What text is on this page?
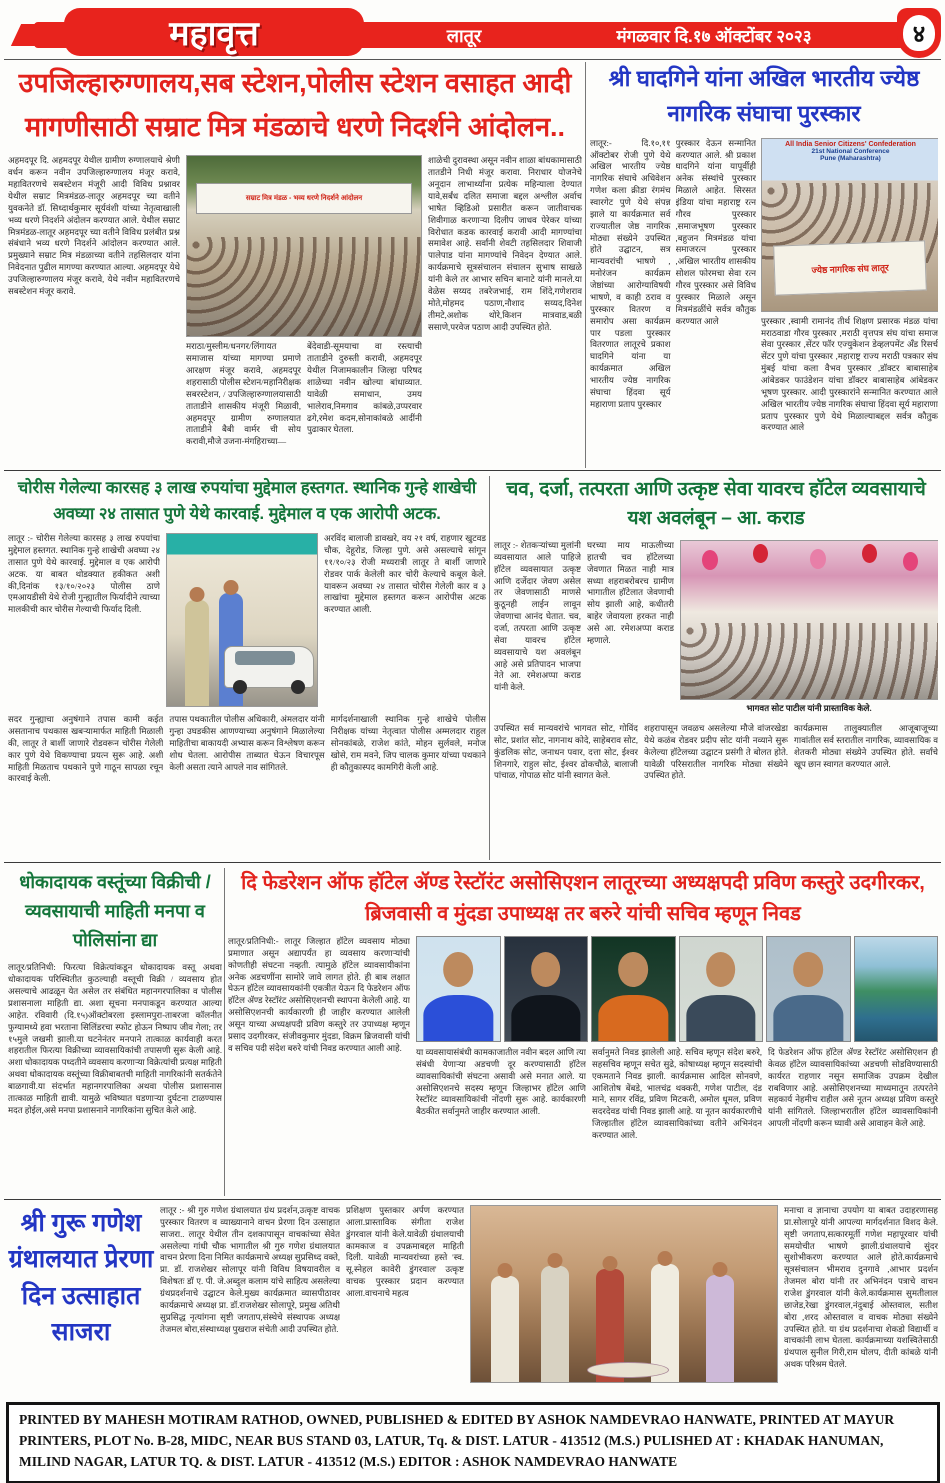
महावृत्त	लातूर	मंगळवार दि.१७ ऑक्टोंबर २०२३	४
उपजिल्हारुग्णालय,सब स्टेशन,पोलीस स्टेशन वसाहत आदी मागणीसाठी सम्राट मित्र मंडळाचे धरणे निदर्शने आंदोलन..
अहमदपूर दि. अहमदपूर येथील ग्रामीण रुग्णालयाचे श्रेणी वर्धन करून नवीन उपजिल्हारुग्णालय मंजूर करावे, महावितरणचे सबस्टेशन मंजूरी आदी विविध प्रश्नावर येथील सम्राट मित्रमंडळ-लातूर अहमदपूर च्या वतीने युवकनेते डॉ. सिध्दार्थकुमार सूर्यवंशी यांच्या नेतृत्वाखाली भव्य धरणे निदर्शने अंदोलन करण्यात आले. येथील सम्राट मित्रमंडळ-लातूर अहमदपूर च्या वतीने विविध प्रलंबीत प्रश्न संबंधाने भव्य धरणे निदर्शने आंदोलन करण्यात आले. प्रमुख्याने सम्राट मित्र मंडळाच्या वतीने तहसिलदार यांना निवेदनात पुढील मागण्या करण्यात आल्या. अहमदपूर येथे उपजिल्हारुग्णालय मंजूर करावे, येथे नवीन महावितरणचे सबस्टेशन मंजूर करावे.
सम्राट मित्र मंडळ - भव्य धरणे निदर्शने आंदोलन
मराठा/मुस्लीम/धनगर/लिंगायत समाजास यांच्या मागण्या प्रमाणे आरक्षण मंजूर करावे, अहमदपूर शहरासाठी पोलीस स्टेशन/महानिरीक्षक सबरस्टेशन, / उपजिल्हारुग्णालयासाठी ताताडीने शासकीय मंजूरी मिळावी, अहमदपूर ग्रामीण रुग्णालयात ताताडीने बैबी वार्मर ची सोय करावी,मौजे उजना-मंगहिराच्या—
बेंदेवाडी-सूमयाचा वा रस्त्याची ताताडीने दुरुस्ती करावी, अहमदपूर येथील निजामकालीन जिल्हा परिषद शाळेच्या नवीन खोल्या बांधाव्यात. यावेळी समाधान, उमय भालेराव,निमगाव कांबळे,उप्परवार ढगे,रमेश कदम,सोनाकांबळे आदींनी पुढाकार घेतला.
शाळेची दुरावस्था असून नवीन शाळा बांधकामासाठी तातडीने निधी मंजूर करावा. निराधार योजनेचे अनूदान लाभार्थ्यांना प्रत्येक महिन्याला देण्यात यावे,सर्बंध दलित समाजा बद्दल अश्लील अर्वाच भाषेत व्हिडिओ प्रसारीत करून जातीवाचक शिवीगाळ करणाऱ्या दिलीप जाधव पेरेकर यांच्या विरोधात कडक कारवाई करावी आदी मागण्यांचा समावेश आहे. सर्वांनी शेवटी तहसिलदार शिवाजी पालेपाड यांना मागण्यांचे निवेदन देण्यात आले. कार्यक्रमाचे सूत्रसंचालन संचालन सुभाष साखळे यांनी केले तर आभार सचिन बानाटे यांनी मानले.या वेळेस सय्यद तबरेजभाई, राम शिंदे,गणेशराव मोते,मोहमद पठाण,नौशाद सय्यद,दिनेश तीमटे,अशोक थोरे,किशन मात्रवाड,बळी ससाणे,परवेज पठाण आदी उपस्थित होते.
श्री घादगिने यांना अखिल भारतीय ज्येष्ठ नागरिक संघाचा पुरस्कार
लातूर:- दि.१०,११ ऑक्टोबर रोजी पुणे येथे अखिल भारतीय ज्येष्ठ नागरिक संघाचे अधिवेशन गणेश कला क्रीडा रंगमंच स्वारगेट पुणे येथे संपन्न झाले या कार्यक्रमात सर्व राज्यातील जेष्ठ नागरिक मोठ्या संख्येने उपस्थित होते उद्घाटन, सत्र मान्यवरांची भाषणे , मनोरंजन कार्यक्रम जेष्ठांच्या आरोग्याविषयी भाषणे, व काही ठराव व पुरस्कार वितरण व समारोप असा कार्यक्रम पार पडला पुरस्कार वितरणात लातूरचे प्रकाश घादगिने यांना या कार्यक्रमात अखिल भारतीय ज्येष्ठ नागरिक संघाचा हिंदवा सूर्य महाराणा प्रताप पुरस्कार
पुरस्कार देऊन सन्मानित करण्यात आले. श्री प्रकाश घादगिने यांना यापूर्वीही अनेक संस्थांचे पुरस्कार मिळाले आहेत. सिरसत इंडिया यांचा महाराष्ट्र रत्न गौरव पुरस्कार ,समाजभूषण पुरस्कार ,बहुजन मित्रमंडळ यांचा समाजरत्न पुरस्कार ,अखिल भारतीय शासकीय सोशल फोरमचा सेवा रत्न गौरव पुरस्कार असे विविध पुरस्कार मिळाले असून मित्रमंडळींचे सर्वत्र कौतुक करण्यात आले
All India Senior Citizens' Confederation
21st National Conference
Pune (Maharashtra)
ज्येष्ठ नागरिक संघ लातूर
पुरस्कार ,स्वामी रामानंद तीर्थ शिक्षण प्रसारक मंडळ यांचा मराठवाडा गौरव पुरस्कार ,मराठी वृत्तपत्र संघ यांचा समाज सेवा पुरस्कार ,सेंटर फॉर एज्युकेशन डेव्हलपमेंट अँड रिसर्च सेंटर पुणे यांचा पुरस्कार ,महाराष्ट्र राज्य मराठी पत्रकार संघ मुंबई यांचा कला वैभव पुरस्कार ,डॉक्टर बाबासाहेब आंबेडकर फाउंडेशन यांचा डॉक्टर बाबासाहेब आंबेडकर भूषण पुरस्कार. आदी पुरस्कारांने सन्मानित करण्यात आले अखिल भारतीय ज्येष्ठ नागरिक संघाचा हिंदवा सूर्य महाराणा प्रताप पुरस्कार पुणे येथे मिळाल्याबद्दल सर्वत्र कौतुक करण्यात आले
चोरीस गेलेल्या कारसह ३ लाख रुपयांचा मुद्देमाल हस्तगत. स्थानिक गुन्हे शाखेची अवघ्या २४ तासात पुणे येथे कारवाई. मुद्देमाल व एक आरोपी अटक.
लातूर :- चोरीस गेलेल्या कारसह ३ लाख रुपयांचा मुद्देमाल हस्तगत. स्थानिक गुन्हे शाखेची अवघ्या २४ तासात पुणे येथे कारवाई. मुद्देमाल व एक आरोपी अटक. या बाबत थोडक्यात हकीकत अशी की,दिनांक १३/१०/२०२३ पोलीस ठाणे एमआयडीसी येथे रोजी गुन्ह्यातील फिर्यादीने त्याच्या मालकीची कार चोरीस गेल्याची फिर्याद दिली.
अरविंद बालाजी डावखरे, वय २१ वर्ष, राहणार खुटवड चौक, देहूरोड, जिल्हा पुणे. असे असल्याचे सांगून ११/१०/२३ रोजी मध्यरात्री लातूर ते बार्शी जाणारे रोडवर पार्क केलेली कार चोरी केल्याचे कबूल केले. यावरून अवघ्या २४ तासात चोरीस गेलेली कार व ३ लाखांचा मुद्देमाल हस्तगत करून आरोपीस अटक करण्यात आली.
सदर गुन्ह्याचा अनुषंगाने तपास कामी कईत असतानाच पथकास खबऱ्यामार्फत माहिती मिळाली की, लातूर ते बार्शी जाणारे रोडवरून चोरीस गेलेली कार पुणे येथे विकण्याचा प्रयत्न सुरू आहे. अशी माहिती मिळताच पथकाने पुणे गाठून सापळा रचून कारवाई केली.
तपास पथकातील पोलीस अधिकारी, अंमलदार यांनी गुन्हा उघडकीस आणण्याच्या अनुषंगाने मिळालेल्या माहितीचा बाकायदी अभ्यास करून विश्लेषण करून शोध घेतला. आरोपीस ताब्यात घेऊन विचारपूस केली असता त्याने आपले नाव सांगितले.
मार्गदर्शनाखाली स्थानिक गुन्हे शाखेचे पोलीस निरीक्षक यांच्या नेतृत्वात पोलीस अम्मलदार राहुल सोनकांबळे, राजेश कांते, मोहन सुर्लवले, मनोज खोसे, राम मवने, जिप चालक कुमार यांच्या पथकाने ही कौतुकास्पद कामगिरी केली आहे.
चव, दर्जा, तत्परता आणि उत्कृष्ट सेवा यावरच हॉटेल व्यवसायाचे यश अवलंबून – आ. कराड
लातूर :- शेतकऱ्यांच्या मुलांनी व्यवसायात आले पाहिजे हॉटेल व्यवसायात उत्कृष्ट आणि दर्जेदार जेवण असेल तर जेवणासाठी माणसे कुठूनही लाईन लावून जेवणाचा आनंद घेतात. चव, दर्जा, तत्परता आणि उत्कृष्ट सेवा यावरच हॉटेल व्यवसायाचे यश अवलंबून आहे असे प्रतिपादन भाजपा नेते आ. रमेशअप्पा कराड यांनी केले.
घरच्या माय माऊलीच्या हातची चव हॉटेलच्या जेवणात मिळत नाही मात्र सध्या शहराबरोबरच ग्रामीण भागातील हॉटेलात जेवणाची सोय झाली आहे, कधीतरी बाहेर जेवायला हरकत नाही असे आ. रमेशअप्पा कराड म्हणाले.
भागवत सोट पाटील यांनी प्रास्ताविक केले.
उपस्थित सर्व मान्यवरांचे भागवत सोट, गोविंद सोट, प्रशांत सोट, नागनाथ कोदे, साहेबराव सोट, कुंडलिक सोट, जनाधन पवार, दत्ता सोट, ईश्वर शिनगारे, राहुल सोट, ईश्वर ढोकचौळे, बालाजी पांचाळ, गोपाळ सोट यांनी स्वागत केले.
शहरापासून जवळच असलेल्या मौजे वांजरखेडा येथे कळंब रोडवर प्रदीप सोट यांनी नव्याने सुरू केलेल्या हॉटेलच्या उद्घाटन प्रसंगी ते बोलत होते. यावेळी परिसरातील नागरिक मोठ्या संख्येने उपस्थित होते.
कार्यक्रमास तालुक्यातील आजूबाजूच्या गावांतील सर्व स्तरातील नागरिक, व्यावसायिक व शेतकरी मोठ्या संख्येने उपस्थित होते. सर्वांचे खूप छान स्वागत करण्यात आले.
धोकादायक वस्तूंच्या विक्रीची / व्यवसायाची माहिती मनपा व पोलिसांना द्या
लातूर/प्रतिनिधी: फिरत्या विक्रेत्यांकडून धोकादायक वस्तू अथवा धोकादायक परिस्थितीत कुठल्याही वस्तूची विक्री / व्यवसाय होत असल्याचे आढळून येत असेल तर संबंधित महानगरपालिका व पोलीस प्रशासनाला माहिती द्या. अशा सूचना मनपाकडून करण्यात आल्या आहेत. रविवारी (दि.१५)ऑक्टोबरला इस्लामपुरा-ताबरजा कॉलनीत फुग्यामध्ये हवा भरताना सिलिंडरचा स्फोट होऊन निष्पाप जीव गेला; तर १५मुले जखमी झाली.या घटनेनंतर मनपाने तात्काळ कार्यवाही करत शहरातील फिरत्या विक्रीच्या व्यावसायिकांची तपासणी सुरू केली आहे. अशा धोकादायक पध्दतीने व्यवसाय करणाऱ्या विक्रेत्यांची प्रत्यक्ष माहिती अथवा धोकादायक वस्तूंच्या विक्रीबाबतची माहिती नागरिकांनी सतर्कतेने बाळगावी.या संदर्भात महानगरपालिका अथवा पोलीस प्रशासनास तात्काळ माहिती द्यावी. यामुळे भविष्यात घडणाऱ्या दुर्घटना टाळण्यास मदत होईल,असे मनपा प्रशासनाने नागरिकांना सुचित केले आहे.
दि फेडरेशन ऑफ हॉटेल ॲण्ड रेस्टॉरंट असोसिएशन लातूरच्या अध्यक्षपदी प्रविण कस्तुरे उदगीरकर, ब्रिजवासी व मुंदडा उपाध्यक्ष तर बरुरे यांची सचिव म्हणून निवड
लातूर/प्रतिनिधी:- लातूर जिल्हात हॉटेल व्यवसाय मोठ्या प्रमाणात असून अद्यापर्यंत हा व्यवसाय करणाऱ्यांची कोणतीही संघटना नव्हती. त्यामुळे हॉटेल व्यावसायीकांना अनेक अडचणींना सामोरे जावे लागत होते. ही बाब लक्षात घेऊन हॉटेल व्यावसायकांनी एकत्रीत येऊन दि फेडरेशन ऑफ हॉटेल ॲण्ड रेस्टॉरंट असोसिएशनची स्थापना केलेली आहे. या असोसिएशनची कार्यकारणी ही जाहीर करण्यात आलेली असून याच्या अध्यक्षपदी प्रविण कस्तुरे तर उपाध्यक्ष म्हणून प्रसाद उदगीरकर, संजीवकुमार मुंदडा, विक्रम ब्रिजवासी यांची व सचिव पदी संदेश बरुरे यांची निवड करण्यात आली आहे.	या व्यवसायासंबंधी कामकाजातील नवीन बदल आणि त्या संबंधी येणाऱ्या अडचणी दूर करण्यासाठी हॉटेल व्यावसायिकांची संघटना असावी असे मनात आले. या असोसिएशनचे सदस्य म्हणून जिल्हाभर हॉटेल आणि रेस्टॉरंट व्यावसायिकांची नोंदणी सुरू आहे. कार्यकारणी बैठकीत सर्वानुमते जाहीर करण्यात आली.
सर्वानुमते निवड झालेली आहे. सचिव म्हणून संदेश बरुरे, सहसचिव म्हणून सचेत सुढे, कोषाध्यक्ष म्हणून सदस्यांची एकमताने निवड झाली. कार्यक्रमास आदिल सोनवणे, आशितोष बेंबडे, भालचंद्र थक्करी, गणेश पाटील, दंड माने, सागर रविंद्र, प्रविण मिटकरी, अमोल धूमल, प्रविण सदरदेवड यांची निवड झाली आहे. या नूतन कार्यकारणीचे जिल्हातील हॉटेल व्यावसायिकांच्या वतीने अभिनंदन करण्यात आले.
दि फेडरेशन ऑफ हॉटेल ॲण्ड रेस्टॉरंट असोसिएशन ही केवळ हॉटेल व्यावसायिकांच्या अडचणी सोडविण्यासाठी कार्यरत राहणार नसून समाजिक उपक्रम देखील राबविणार आहे. असोसिएशनच्या माध्यमातून तत्परतेने सहकार्य नेहमीच राहील असे नूतन अध्यक्ष प्रविण कस्तुरे यांनी सांगितले. जिल्हाभरातील हॉटेल व्यावसायिकांनी आपली नोंदणी करून घ्यावी असे आवाहन केले आहे.
श्री गुरू गणेश ग्रंथालयात प्रेरणा दिन उत्साहात साजरा
लातूर :- श्री गुरु गणेश ग्रंथालयात ग्रंथ प्रदर्शन,उत्कृष्ट वाचक पुरस्कार वितरण व व्याख्यानाने वाचन प्रेरणा दिन उत्साहात साजरा.. लातूर येथील तीन दशकापासून वाचकांच्या सेवेत असलेल्या गांधी चौक भागातील श्री गुरु गणेश ग्रंथालयात वाचन प्रेरणा दिना निमित कार्यक्रमाचे अध्यक्ष सुप्रसिध्द वक्ते, प्रा. डॉ. राजशेखर सोलापूर यांनी विविध विषयावरील व विशेषतः डॉ ए. पी. जे.अब्दुल कलाम यांचे साहित्य असलेल्या ग्रंथप्रदर्शनाचे उद्घाटन केले.मुख्य कार्यक्रमात व्यासपीठावर कार्यक्रमाचे अध्यक्ष प्रा. डॉ.राजशेखर सोलापूरे, प्रमुख अतिथी सुप्रसिद्ध नृत्यांगना सृष्टी जगताप,संस्थेचे संस्थापक अध्यक्ष तेजमल बोरा,संस्थाध्यक्ष पुखराज संचेती आदी उपस्थित होते.
प्रशिक्षण पुस्तकार अर्पण करण्यात आला.प्रास्ताविक संगीता राजेश डुंगरवाल यांनी केले.यावेळी ग्रंथालयाची कामकाज व उपक्रमाबद्दल माहिती दिली. यावेळी मान्यवरांच्या हस्ते 'स्व. सू.स्नेहल कावेरी डुंगरवाल' उत्कृष्ट वाचक पुरस्कार प्रदान करण्यात आला.वाचनाचे महत्व
मनाचा व ज्ञानाचा उपयोग या बाबत उदाहरणासह प्रा.सोलापूरे यांनी आपल्या मार्गदर्शनात विशद केले. सृष्टी जगताप,सत्कारमूर्ती गणेश महापूरवार यांची समयोचीत भाषणे झाली.ग्रंथालयाचे सुंदर सुशोभीकरण करण्यात आले होते.कार्यक्रमाचे सूत्रसंचालन भीमराव दुनगावे ,आभार प्रदर्शन तेजमल बोरा यांनी तर अभिनंदन पत्राचे वाचन राजेश डुंगरवाल यांनी केले.कार्यक्रमास सुमतीलाल छाजेड,रेखा डुंगरवाल,नंदुबाई ओस्तवाल, सतीश बोरा ,शरद ओस्तवाल व वाचक मोठ्या संख्येने उपस्थित होते. या ग्रंथ प्रदर्शनाचा शेकडो विद्यार्थी व वाचकांनी लाभ घेतला. कार्यक्रमाच्या यशस्वितेसाठी ग्रंथपाल सुनील गिरी,राम घोलप, दीती कांबळे यांनी अथक परिश्रम घेतले.
PRINTED BY MAHESH MOTIRAM RATHOD, OWNED, PUBLISHED & EDITED BY ASHOK NAMDEVRAO HANWATE, PRINTED AT MAYUR PRINTERS, PLOT No. B-28, MIDC, NEAR BUS STAND 03, LATUR, Tq. & DIST. LATUR - 413512 (M.S.) PULISHED AT : KHADAK HANUMAN, MILIND NAGAR, LATUR TQ. & DIST. LATUR - 413512 (M.S.) EDITOR : ASHOK NAMDEVRAO HANWATE
